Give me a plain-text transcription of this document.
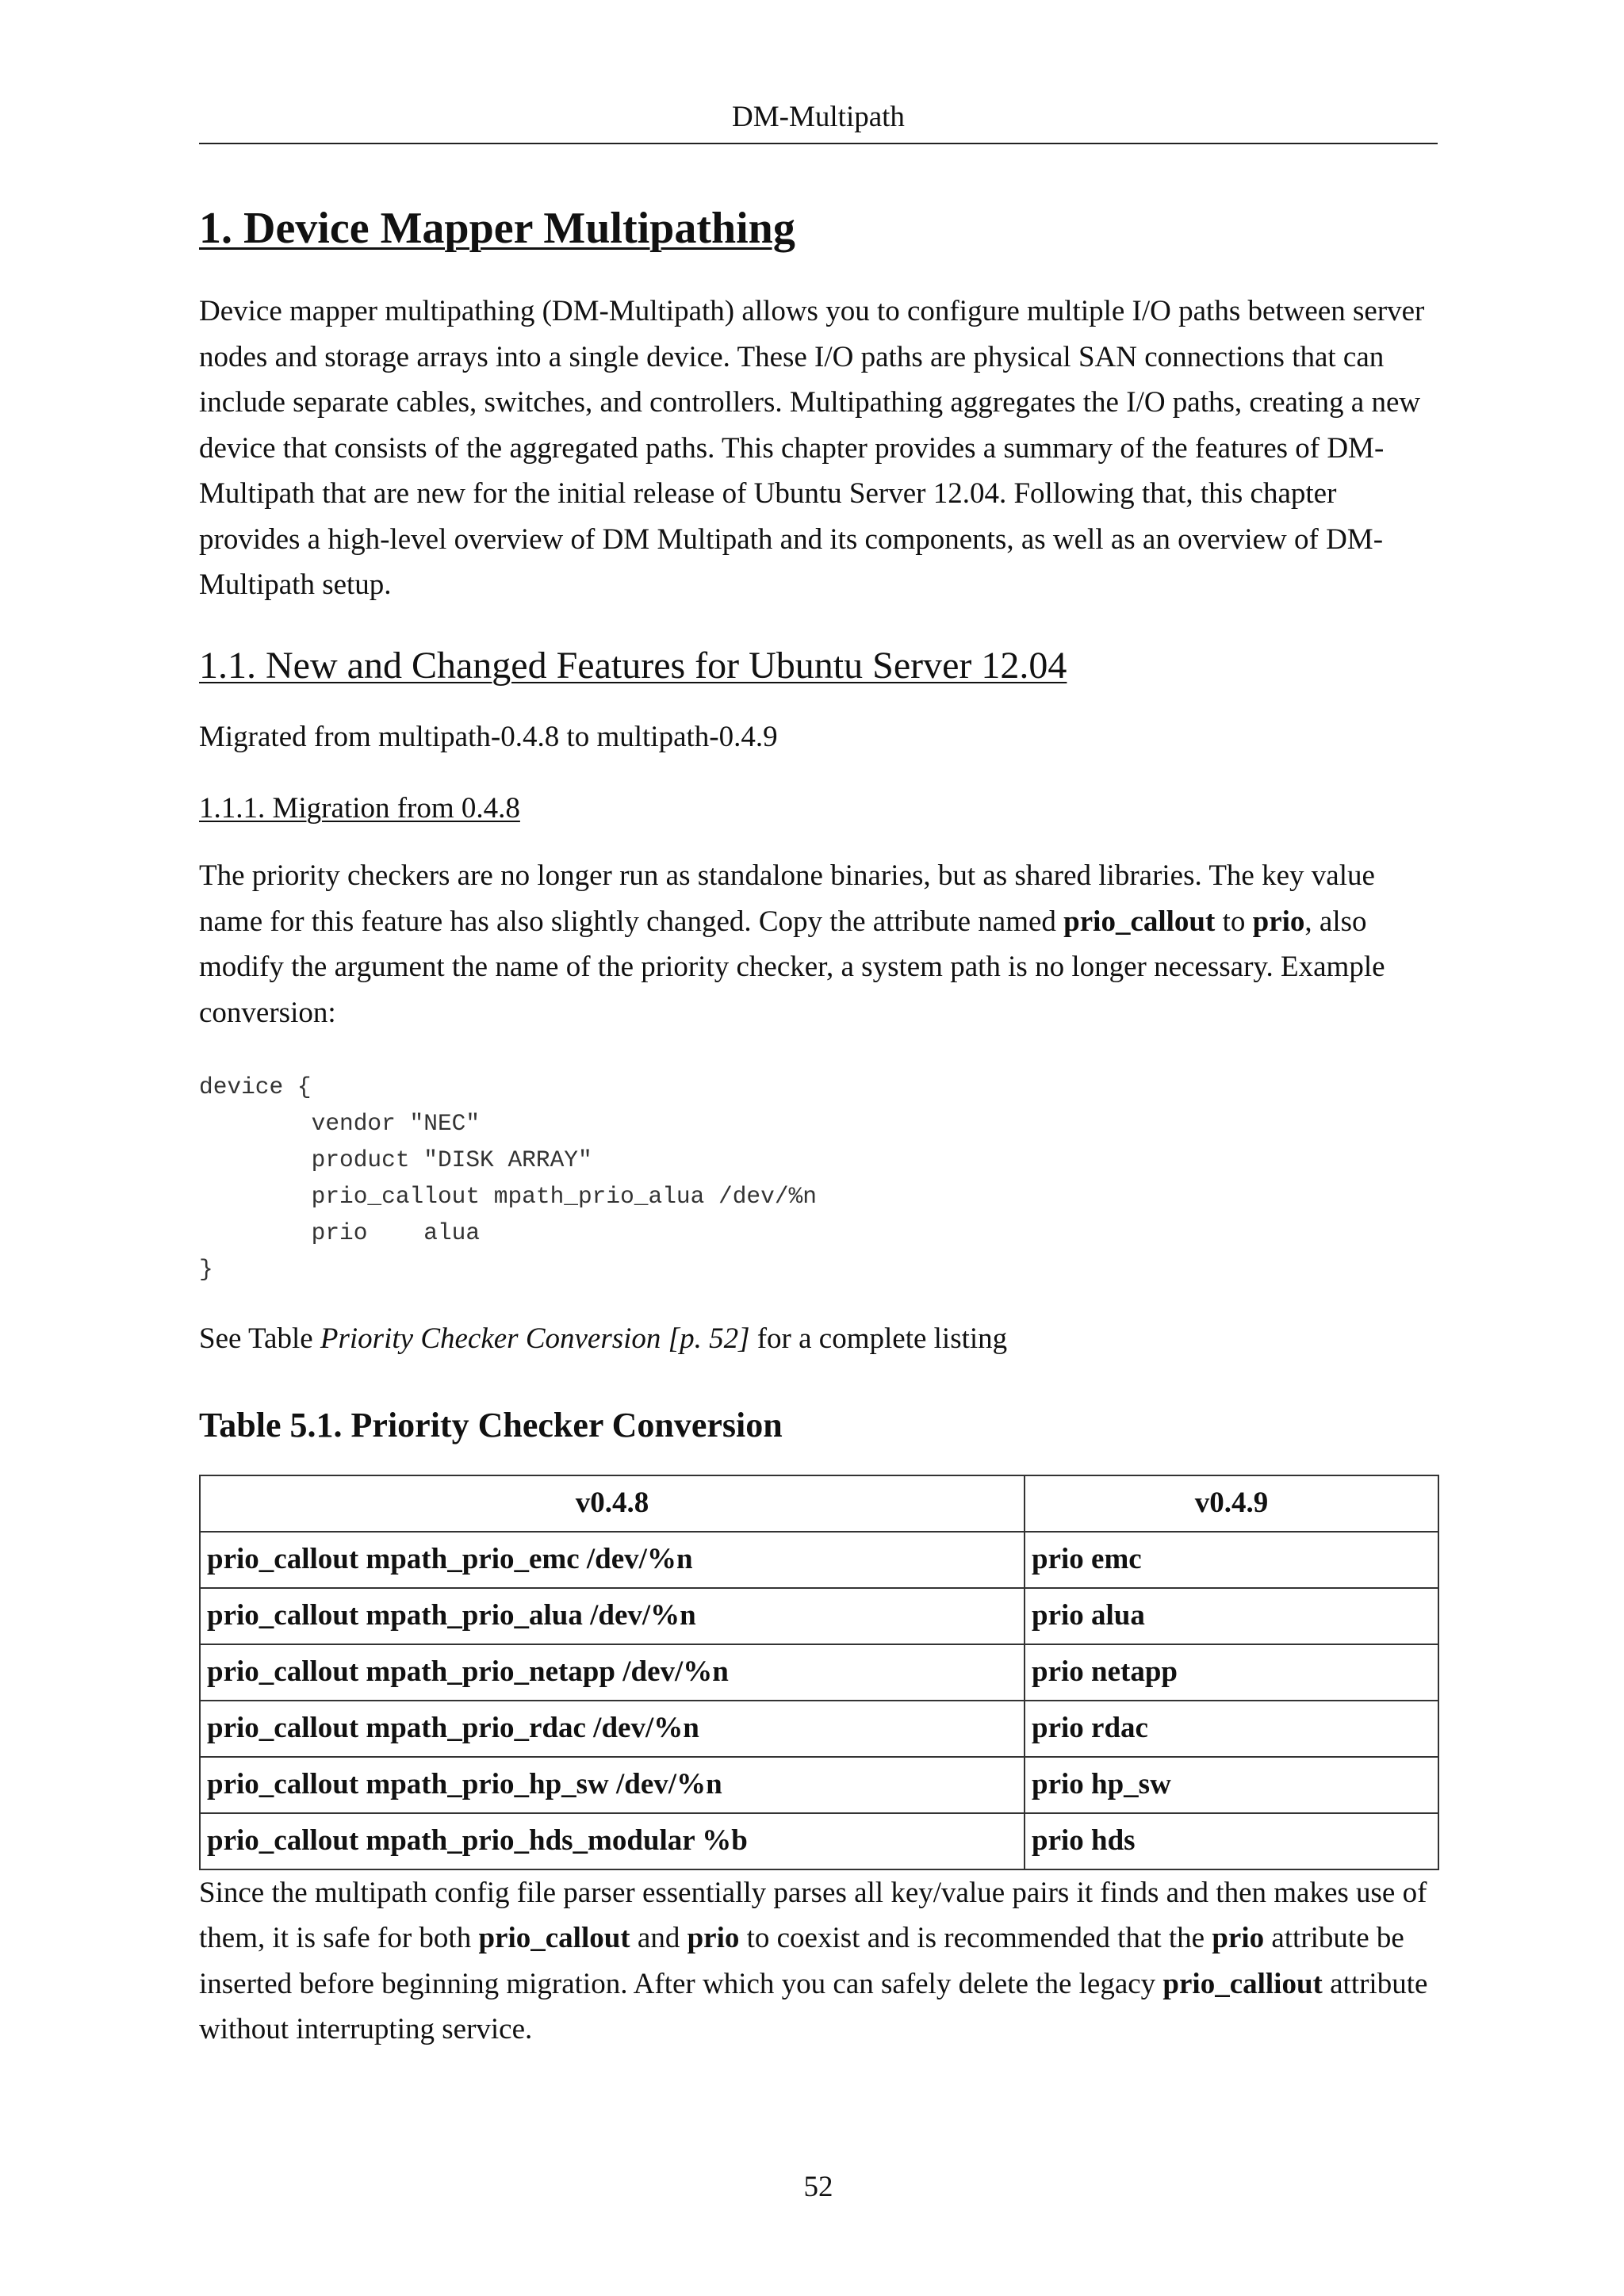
DM-Multipath
1. Device Mapper Multipathing

Device mapper multipathing (DM-Multipath) allows you to configure multiple I/O paths between server nodes and storage arrays into a single device. These I/O paths are physical SAN connections that can include separate cables, switches, and controllers. Multipathing aggregates the I/O paths, creating a new device that consists of the aggregated paths. This chapter provides a summary of the features of DM-Multipath that are new for the initial release of Ubuntu Server 12.04. Following that, this chapter provides a high-level overview of DM Multipath and its components, as well as an overview of DM-Multipath setup.

1.1. New and Changed Features for Ubuntu Server 12.04

Migrated from multipath-0.4.8 to multipath-0.4.9

1.1.1. Migration from 0.4.8

The priority checkers are no longer run as standalone binaries, but as shared libraries. The key value name for this feature has also slightly changed. Copy the attribute named prio_callout to prio, also modify the argument the name of the priority checker, a system path is no longer necessary. Example conversion:

device {
vendor "NEC"
product "DISK ARRAY"
prio_callout mpath_prio_alua /dev/%n
prio    alua
}

See Table Priority Checker Conversion [p. 52] for a complete listing

Table 5.1. Priority Checker Conversion
v0.4.8	v0.4.9
prio_callout mpath_prio_emc /dev/%n	prio emc
prio_callout mpath_prio_alua /dev/%n	prio alua
prio_callout mpath_prio_netapp /dev/%n	prio netapp
prio_callout mpath_prio_rdac /dev/%n	prio rdac
prio_callout mpath_prio_hp_sw /dev/%n	prio hp_sw
prio_callout mpath_prio_hds_modular %b	prio hds

Since the multipath config file parser essentially parses all key/value pairs it finds and then makes use of them, it is safe for both prio_callout and prio to coexist and is recommended that the prio attribute be inserted before beginning migration. After which you can safely delete the legacy prio_calliout attribute without interrupting service.

52
